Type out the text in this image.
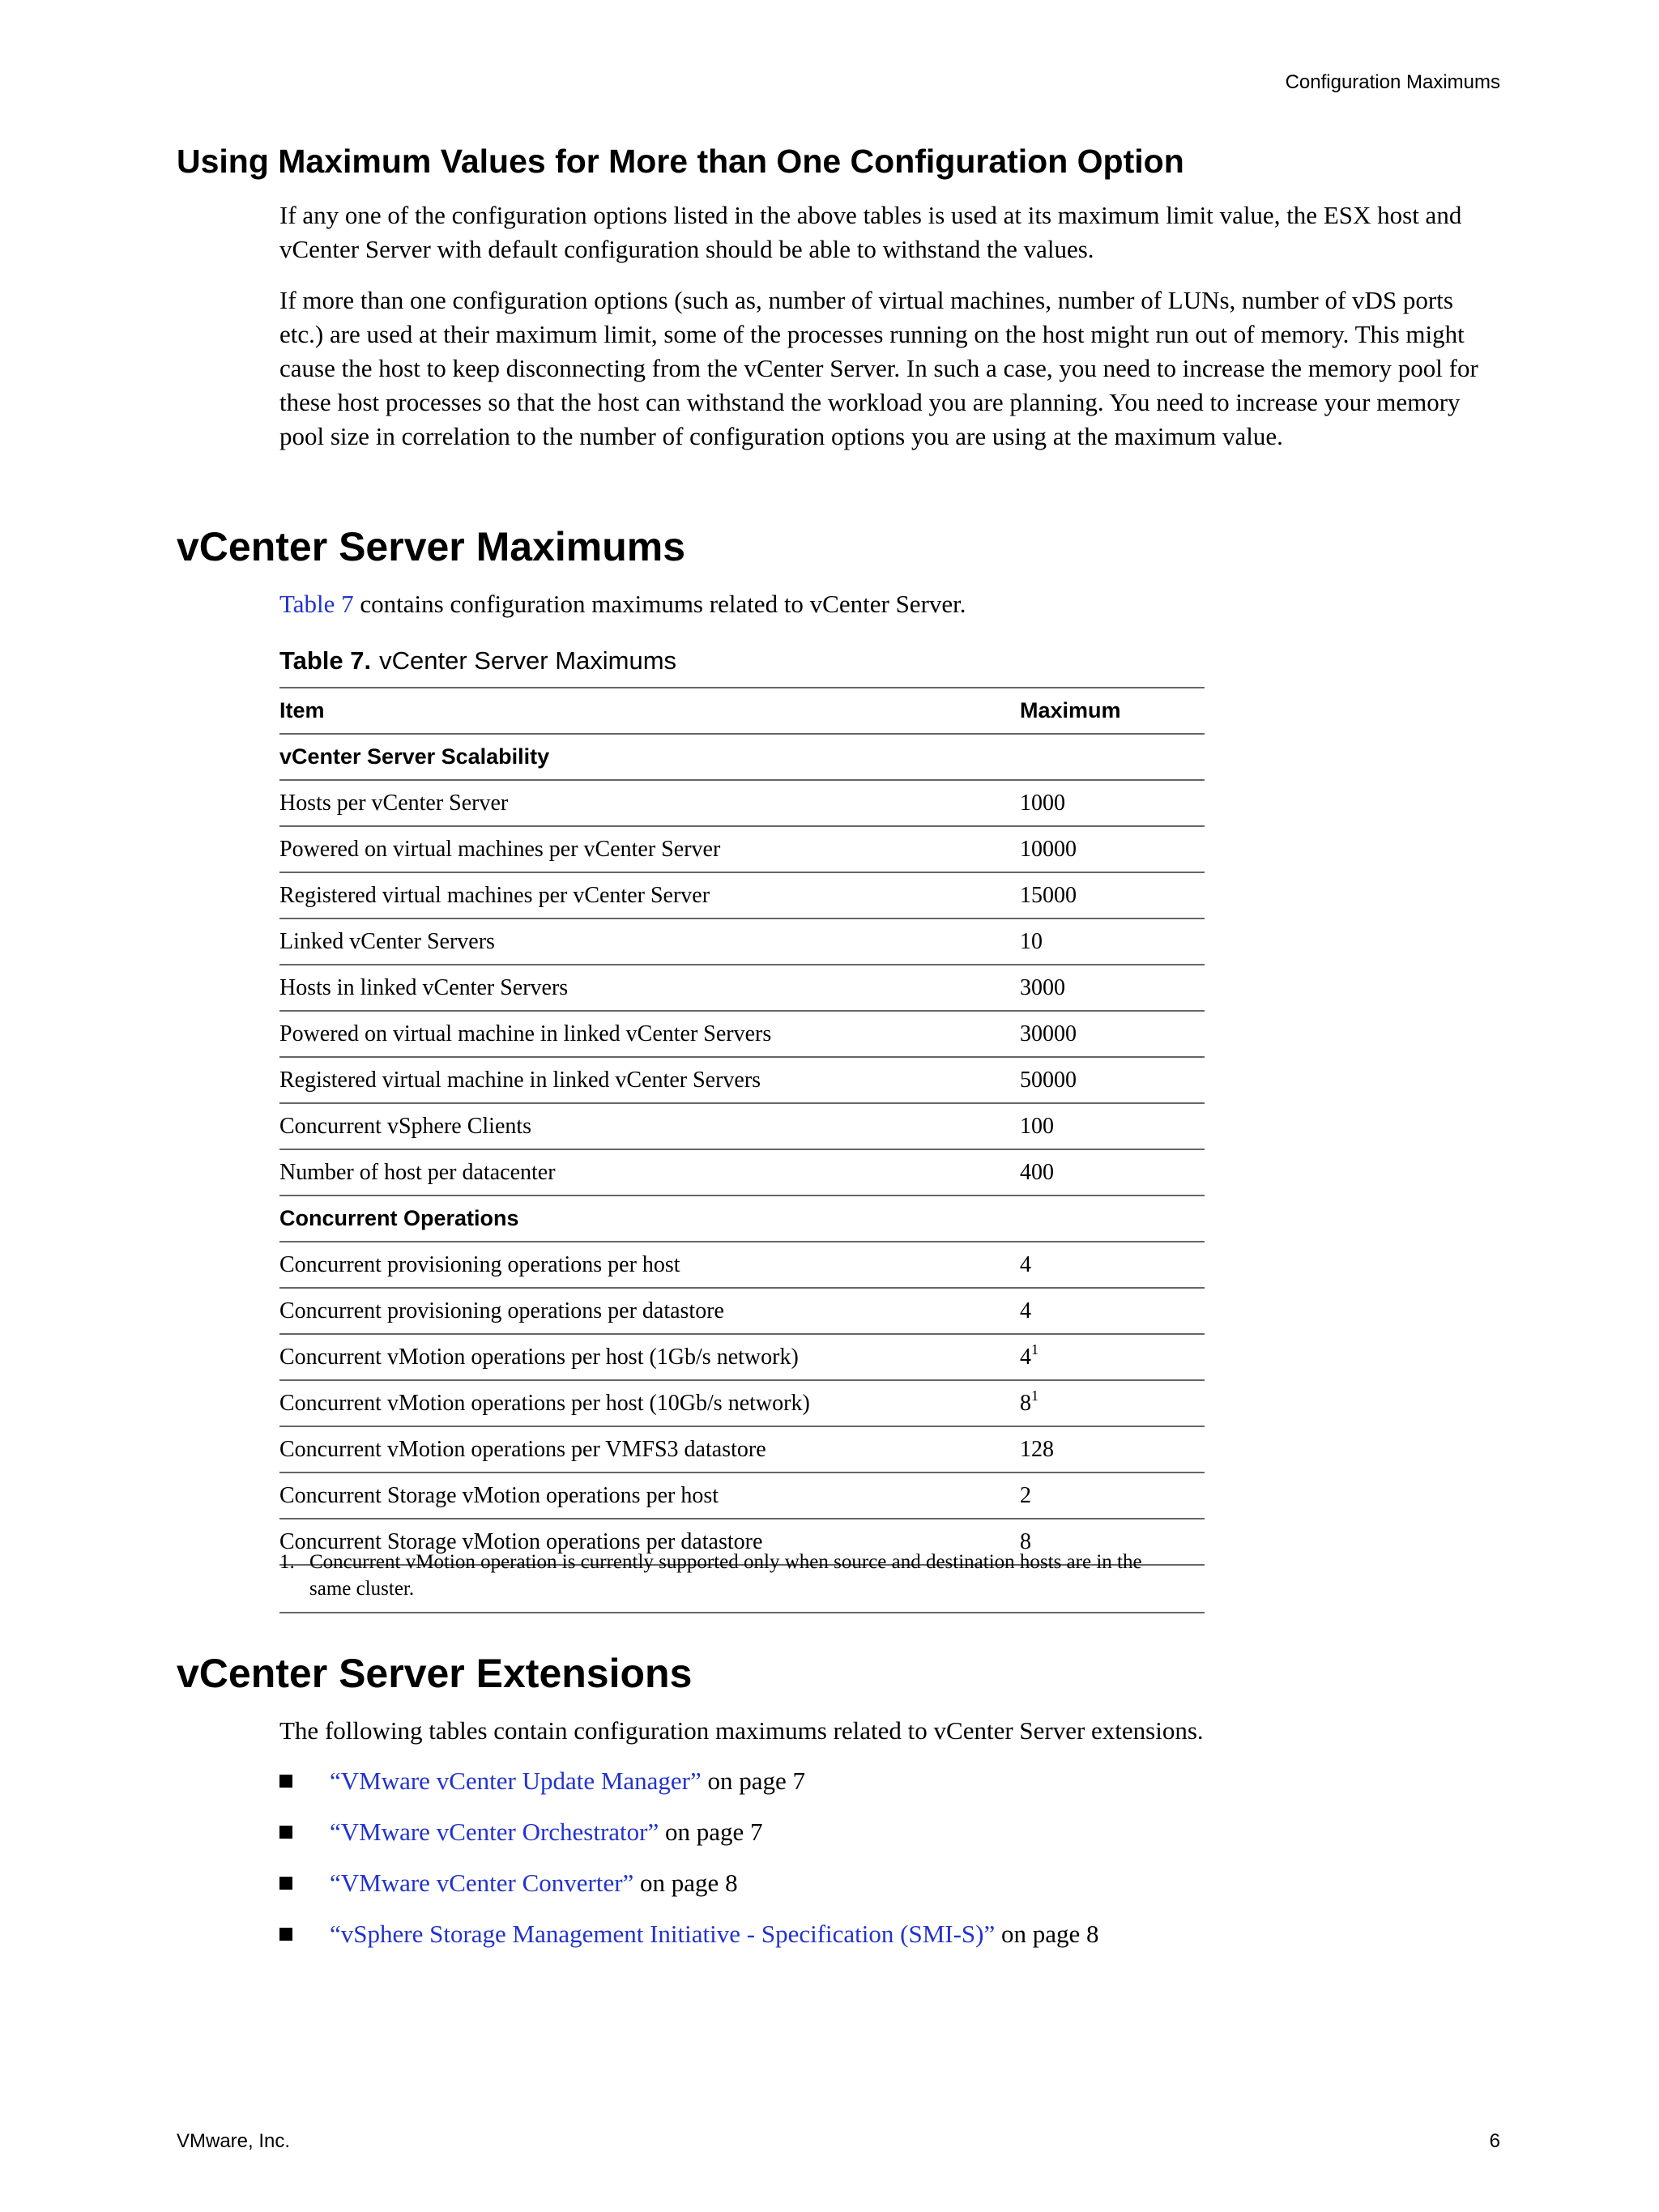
Configuration Maximums
Using Maximum Values for More than One Configuration Option

If any one of the configuration options listed in the above tables is used at its maximum limit value, the ESX host and vCenter Server with default configuration should be able to withstand the values.

If more than one configuration options (such as, number of virtual machines, number of LUNs, number of vDS ports etc.) are used at their maximum limit, some of the processes running on the host might run out of memory. This might cause the host to keep disconnecting from the vCenter Server. In such a case, you need to increase the memory pool for these host processes so that the host can withstand the workload you are planning. You need to increase your memory pool size in correlation to the number of configuration options you are using at the maximum value.

vCenter Server Maximums
Table 7 contains configuration maximums related to vCenter Server.
Table 7. vCenter Server Maximums
Item	Maximum
vCenter Server Scalability	
Hosts per vCenter Server	1000
Powered on virtual machines per vCenter Server	10000
Registered virtual machines per vCenter Server	15000
Linked vCenter Servers	10
Hosts in linked vCenter Servers	3000
Powered on virtual machine in linked vCenter Servers	30000
Registered virtual machine in linked vCenter Servers	50000
Concurrent vSphere Clients	100
Number of host per datacenter	400
Concurrent Operations	
Concurrent provisioning operations per host	4
Concurrent provisioning operations per datastore	4
Concurrent vMotion operations per host (1Gb/s network)	$4^1$
Concurrent vMotion operations per host (10Gb/s network)	$8^1$
Concurrent vMotion operations per VMFS3 datastore	128
Concurrent Storage vMotion operations per host	2
Concurrent Storage vMotion operations per datastore	8
1. Concurrent vMotion operation is currently supported only when source and destination hosts are in the same cluster.
vCenter Server Extensions
The following tables contain configuration maximums related to vCenter Server extensions.
“VMware vCenter Update Manager” on page 7
“VMware vCenter Orchestrator” on page 7
“VMware vCenter Converter” on page 8
“vSphere Storage Management Initiative - Specification (SMI-S)” on page 8
VMware, Inc.	6
